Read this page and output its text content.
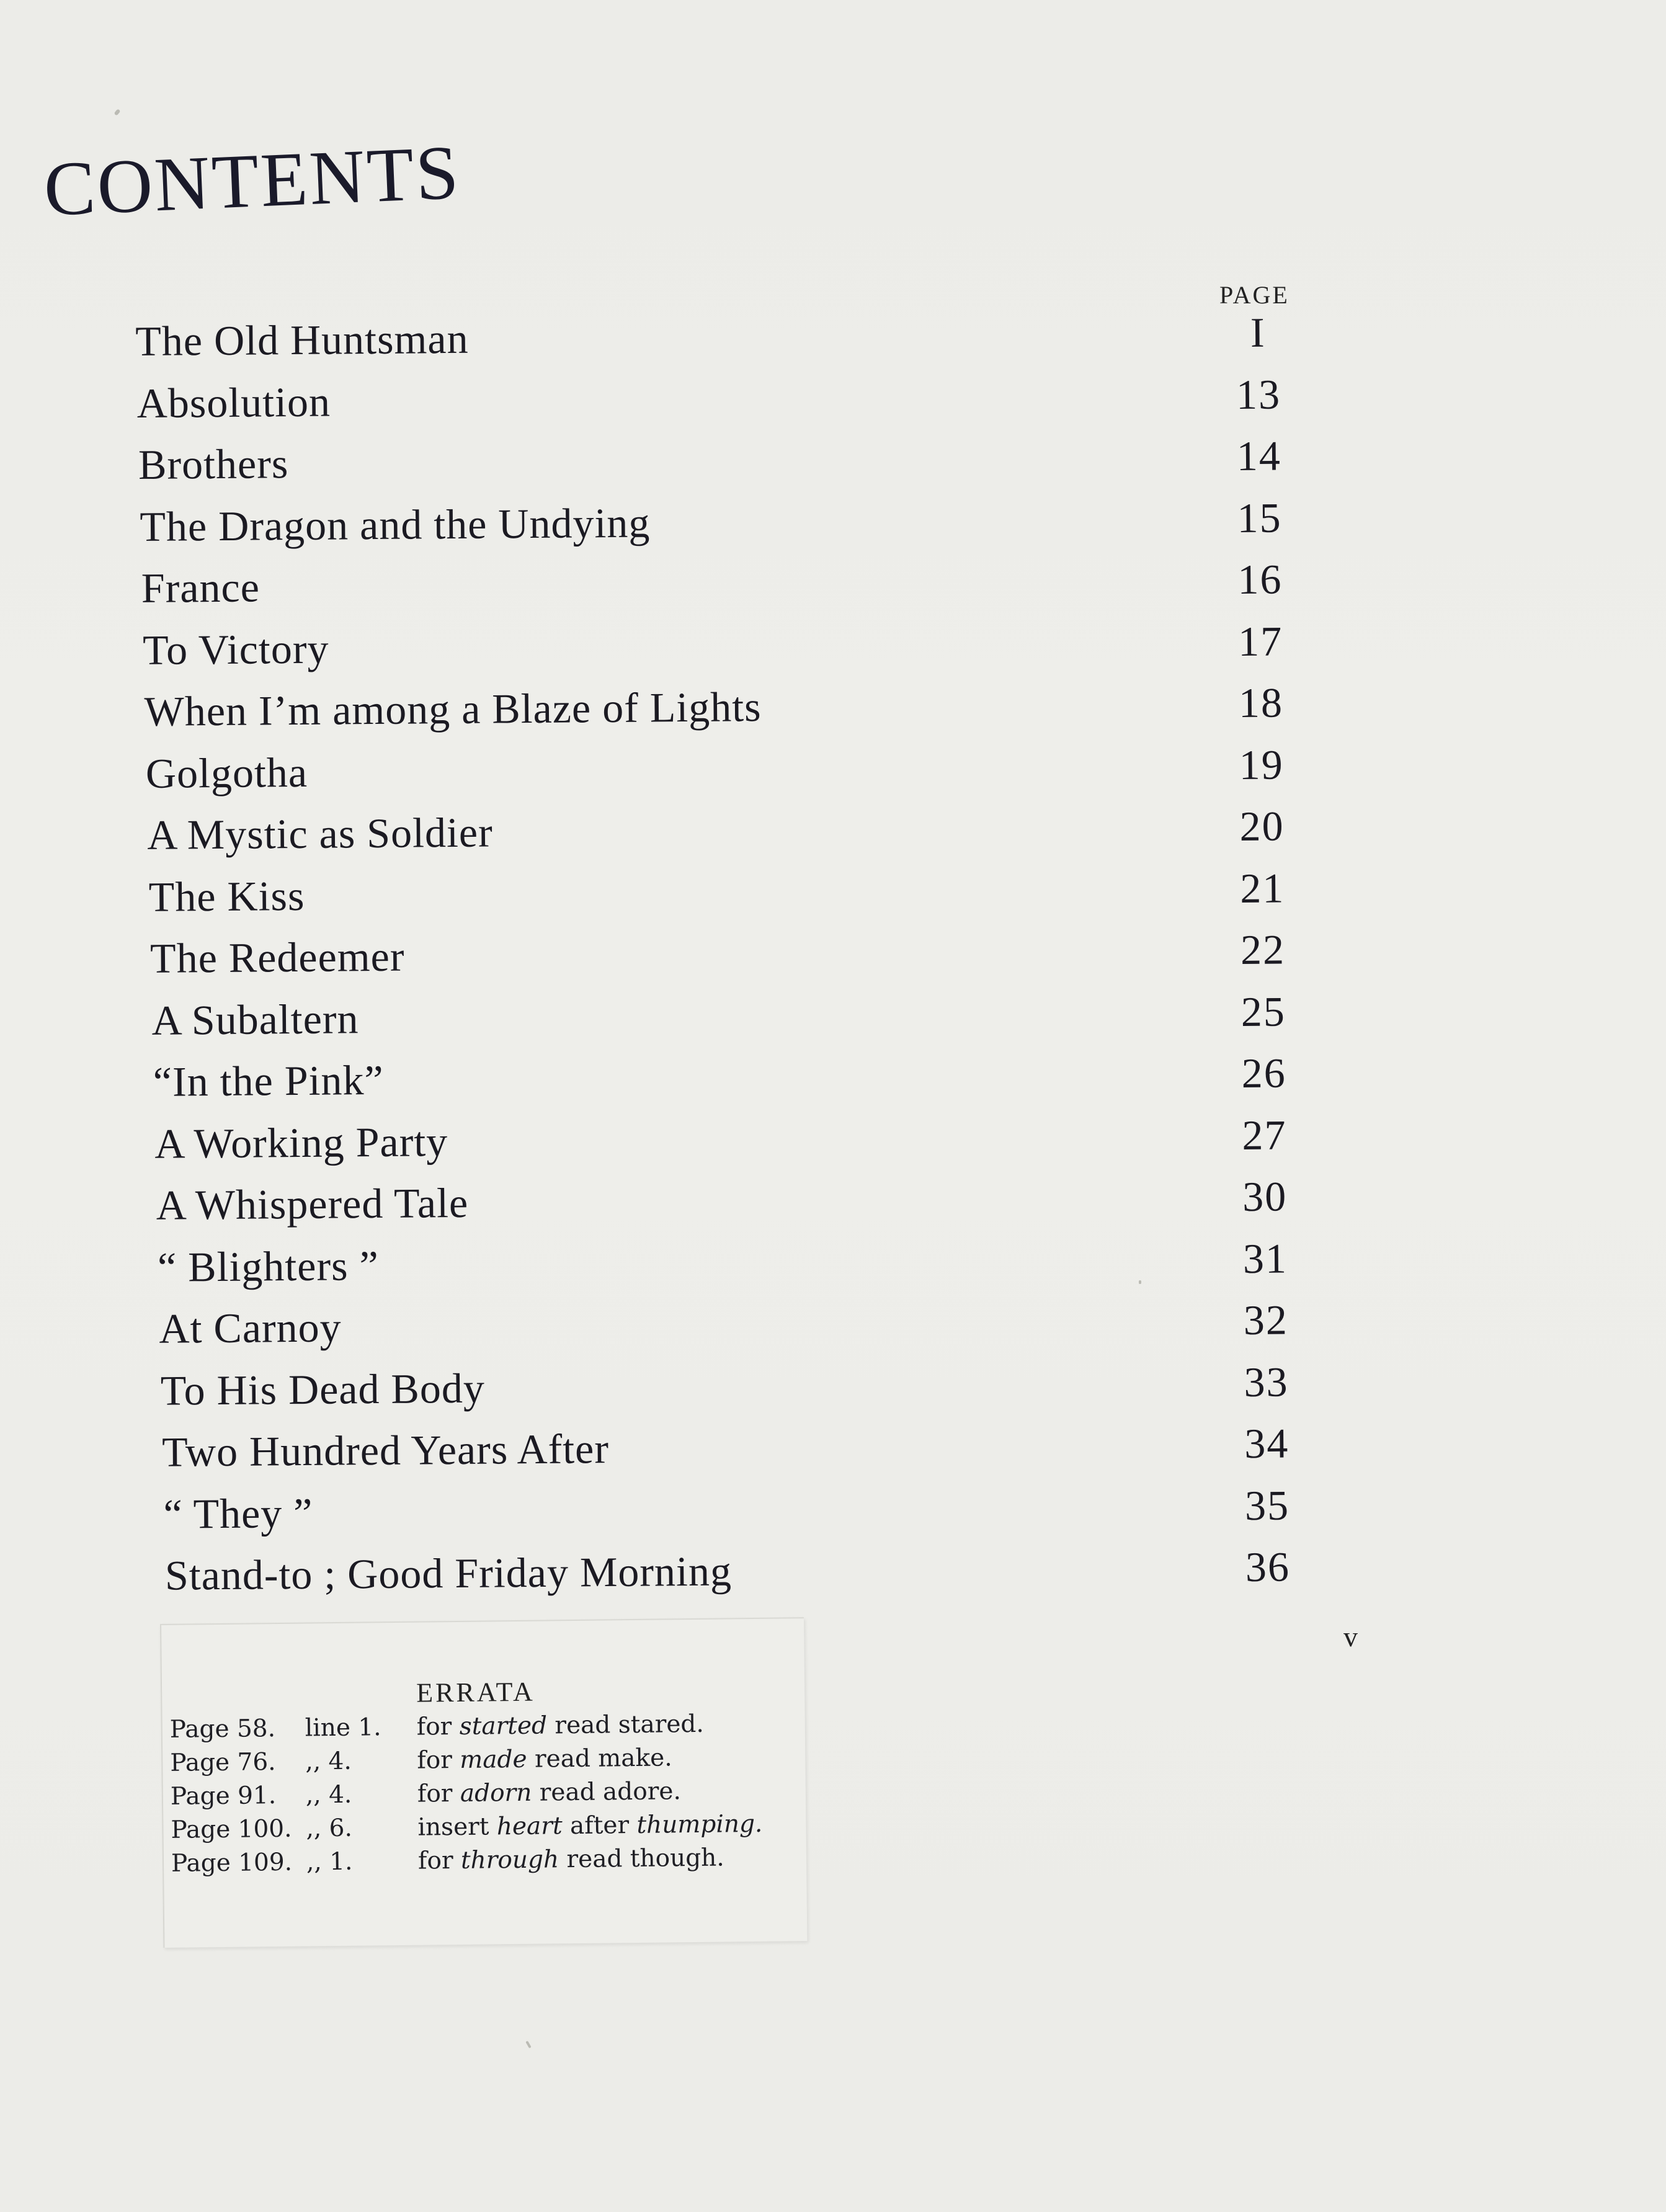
CONTENTS
PAGE
The Old Huntsman	I
Absolution	13
Brothers	14
The Dragon and the Undying	15
France	16
To Victory	17
When I’m among a Blaze of Lights	18
Golgotha	19
A Mystic as Soldier	20
The Kiss	21
The Redeemer	22
A Subaltern	25
“In the Pink”	26
A Working Party	27
A Whispered Tale	30
“ Blighters ”	31
At Carnoy	32
To His Dead Body	33
Two Hundred Years After	34
“ They ”	35
Stand-to ; Good Friday Morning	36
ERRATA
Page 58.	line 1.	for started read stared.
Page 76.	,, 4.	for made read make.
Page 91.	,, 4.	for adorn read adore.
Page 100. ,, 6.	insert heart after thumping.
Page 109. ,, 1.	for through read though.
v
